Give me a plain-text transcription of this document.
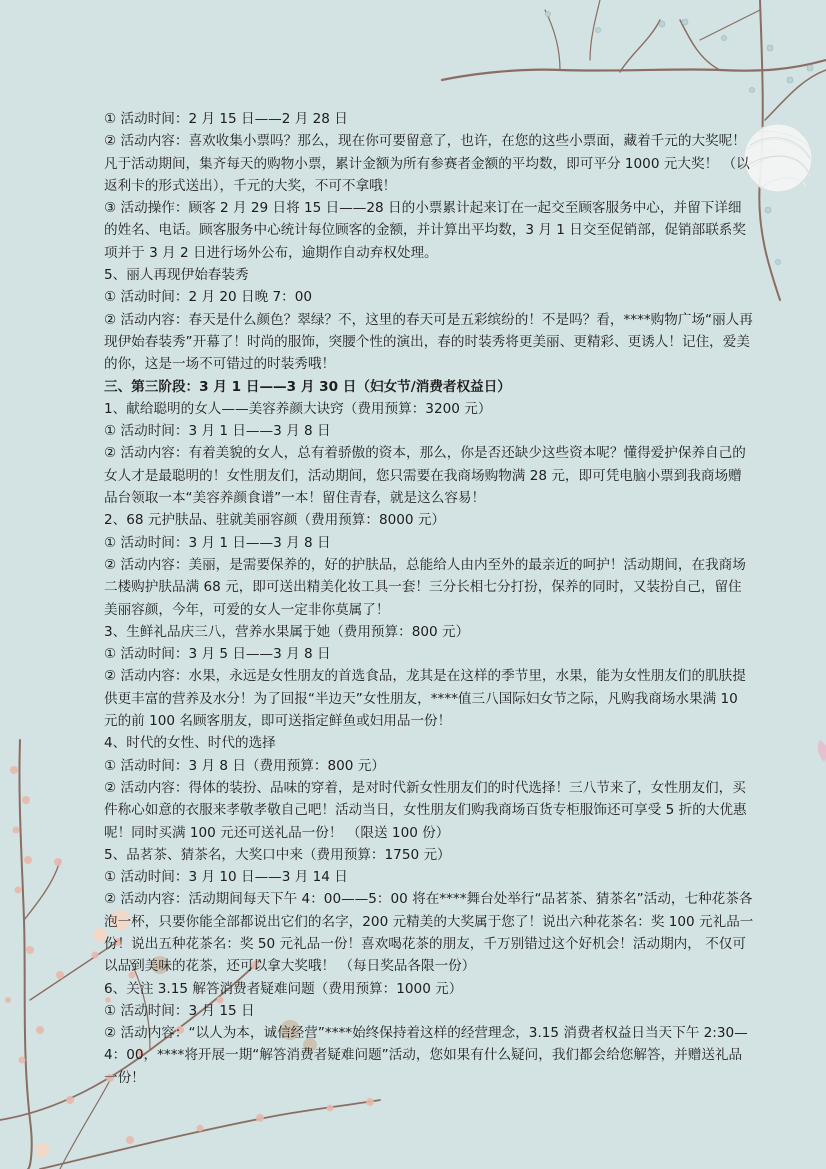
① 活动时间：2 月 15 日——2 月 28 日

② 活动内容：喜欢收集小票吗？那么，现在你可要留意了，也许，在您的这些小票面，藏着千元的大奖呢！ 凡于活动期间，集齐每天的购物小票，累计金额为所有参赛者金额的平均数，即可平分 1000 元大奖！ （以返利卡的形式送出），千元的大奖，不可不拿哦！

③ 活动操作：顾客 2 月 29 日将 15 日——28 日的小票累计起来订在一起交至顾客服务中心，并留下详细的姓名、电话。顾客服务中心统计每位顾客的金额，并计算出平均数，3 月 1 日交至促销部，促销部联系奖项并于 3 月 2 日进行场外公布，逾期作自动弃权处理。

5、丽人再现伊始春装秀

① 活动时间：2 月 20 日晚 7：00

② 活动内容：春天是什么颜色？翠绿？不，这里的春天可是五彩缤纷的！不是吗？看，****购物广场“丽人再现伊始春装秀”开幕了！时尚的服饰，突腰个性的演出，春的时装秀将更美丽、更精彩、更诱人！记住，爱美的你，这是一场不可错过的时装秀哦！

三、第三阶段：3 月 1 日——3 月 30 日（妇女节/消费者权益日）

1、献给聪明的女人——美容养颜大诀窍（费用预算：3200 元）

① 活动时间：3 月 1 日——3 月 8 日

② 活动内容：有着美貌的女人，总有着骄傲的资本，那么，你是否还缺少这些资本呢？懂得爱护保养自己的女人才是最聪明的！女性朋友们，活动期间，您只需要在我商场购物满 28 元，即可凭电脑小票到我商场赠品台领取一本“美容养颜食谱”一本！留住青春，就是这么容易！

2、68 元护肤品、驻就美丽容颜（费用预算：8000 元）

① 活动时间：3 月 1 日——3 月 8 日

② 活动内容：美丽，是需要保养的，好的护肤品，总能给人由内至外的最亲近的呵护！活动期间，在我商场二楼购护肤品满 68 元，即可送出精美化妆工具一套！三分长相七分打扮，保养的同时，又装扮自己，留住美丽容颜，今年，可爱的女人一定非你莫属了！

3、生鲜礼品庆三八，营养水果属于她（费用预算：800 元）

① 活动时间：3 月 5 日——3 月 8 日

② 活动内容：水果，永远是女性朋友的首选食品，龙其是在这样的季节里，水果，能为女性朋友们的肌肤提供更丰富的营养及水分！为了回报“半边天”女性朋友，****值三八国际妇女节之际，凡购我商场水果满 10 元的前 100 名顾客朋友，即可送指定鲜鱼或妇用品一份！

4、时代的女性、时代的选择

① 活动时间：3 月 8 日（费用预算：800 元）

② 活动内容：得体的装扮、品味的穿着，是对时代新女性朋友们的时代选择！三八节来了，女性朋友们，买件称心如意的衣服来孝敬孝敬自己吧！活动当日，女性朋友们购我商场百货专柜服饰还可享受 5 折的大优惠呢！同时买满 100 元还可送礼品一份！ （限送 100 份）

5、品茗茶、猜茶名，大奖口中来（费用预算：1750 元）

① 活动时间：3 月 10 日——3 月 14 日

② 活动内容：活动期间每天下午 4：00——5：00 将在****舞台处举行“品茗茶、猜茶名”活动，七种花茶各泡一杯，只要你能全部都说出它们的名字，200 元精美的大奖属于您了！说出六种花茶名：奖 100 元礼品一份！说出五种花茶名：奖 50 元礼品一份！喜欢喝花茶的朋友，千万别错过这个好机会！活动期内， 不仅可以品到美味的花茶，还可以拿大奖哦！ （每日奖品各限一份）

6、关注 3.15 解答消费者疑难问题（费用预算：1000 元）

① 活动时间：3 月 15 日

② 活动内容：“以人为本，诚信经营”****始终保持着这样的经营理念，3.15 消费者权益日当天下午 2:30—4：00，****将开展一期“解答消费者疑难问题”活动，您如果有什么疑问，我们都会给您解答，并赠送礼品一份！
